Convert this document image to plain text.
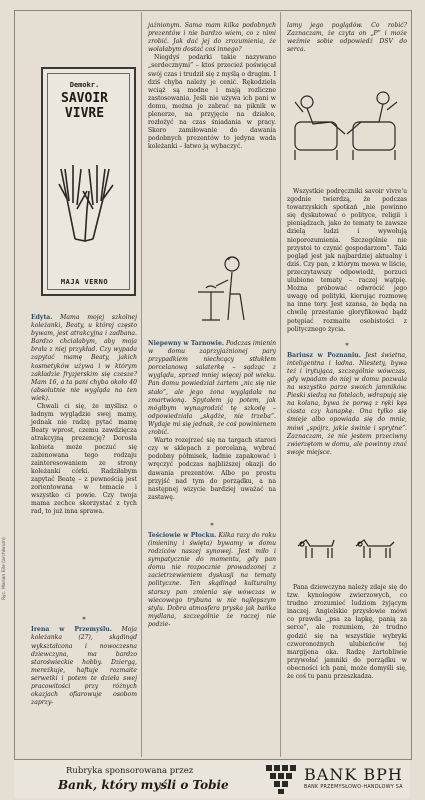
Demokr.
SAVOIR
VIVRE
MAJA VERNO

Edyta. Mama mojej szkolnej koleżanki, Beaty, u której często bywam, jest atrakcyjna i zadbana. Bardzo chciałabym, aby moja brała z niej przykład. Czy wypada zapytać mamę Beaty, jakich kosmetyków używa i w którym zakładzie fryzjerskim się czesze? Mam 16, a ta pani chyba około 40 (absolutnie nie wygląda na ten wiek).

Chwali ci się, że myślisz o ładnym wyglądzie swej mamy, jednak nie radzę pytać mamę Beaty wprost, czemu zawdzięcza atrakcyjną prezencję? Dorosła kobieta może poczuć się zażenowana tego rodzaju zainteresowaniem ze strony koleżanki córki. Radziłabym zapytać Beatę – z pewnością jest zorientowana w temacie i wszystko ci powie. Czy twoja mama zechce skorzystać z tych rad, to już inna sprawa.

*

Irena w Przemyślu. Moja koleżanka (27), skądinąd wykształcona i nowoczesna dziewczyna, ma bardzo staroświeckie hobby. Dziergą, mereżkuje, haftuje rozmaite serwetki i potem te dzieła swej pracowitości przy różnych okazjach ofiarowuje osobom zaprzy-

jaźnionym. Sama mam kilka podobnych prezentów i nie bardzo wiem, co z nimi zrobić. Jak dać jej do zrozumienia, że wolałabym dostać coś innego?

Niegdyś podarki takie nazywano „serdecznymi” – ktoś przecież poświęcał swój czas i trudził się z myślą o drugim. I dziś chyba należy je cenić. Rękodzieła wciąż są modne i mają rozliczne zastosowania. Jeśli nie używa ich pani w domu, można je zabrać na piknik w plenerze, na przyjęcie na działce, rozłożyć na czas śniadania w pracy. Skoro zamiłowanie do dawania podobnych prezentów to jedyna wada koleżanki – łatwo ją wybaczyć.

Niepewny w Tarnowie. Podczas imienin w domu zaprzyjaźnionej pary przypadkiem niechcący stłukłem porcelanową salaterkę – sądząc z wyglądu, sprzed mniej więcej pół wieku. Pan domu powiedział żartem „nic się nie stało”, ale jego żona wyglądała na zmartwioną. Spytałem ją potem, jak mógłbym wynagrodzić tę szkodę – odpowiedziała „skądże, nie trzeba”. Wydaje mi się jednak, że coś powinienem zrobić.

Warto rozejrzeć się na targach staroci czy w sklepach z porcelaną, wybrać podobny półmisek, ładnie zapakować i wręczyć podczas najbliższej okazji do dawania prezentów. Albo po prostu przyjść nad tym do porządku, a na następnej wizycie bardziej uważać na zastawę.

*

Teściowie w Płocku. Kilka razy do roku (imieniny i święta) bywamy w domu rodziców naszej synowej. Jest miło i sympatycznie do momentu, gdy pan domu nie rozpocznie prowadzonej z zacietrzewieniem dyskusji na tematy polityczne. Ten skądinąd kulturalny starszy pan zmienia się wówczas w wiecowego trybuna w nie najlepszym stylu. Dobra atmosfera pryska jak bańka mydlana, szczególnie że raczej nie podzie-

lamy jego poglądów. Co robić? Zaznaczam, że czyta on „P” i może weźmie sobie odpowiedź DSV do serca.

Wszystkie podręczniki savoir vivre'u zgodnie twierdzą, że podczas towarzyskich spotkań „nie powinno się dyskutować o polityce, religii i pieniądzach, jako że tematy te zawsze dzielą ludzi i wywołują nieporozumienia. Szczególnie nie przystoi to czynić gospodarzom”. Taki pogląd jest jak najbardziej aktualny i dziś. Czy pan, z którym mowa w liście, przeczytawszy odpowiedź, porzuci ulubione tematy – raczej wątpię. Można próbować odwrócić jego uwagę od polityki, kierując rozmowę na inne tory. Jest szansa, że będą na chwilę przestanie gloryfikować bądź potępiać rozmaite osobistości z politycznego życia.

*

Bariusz w Poznaniu. Jest świetna, inteligentna i ładna. Niestety, bywa też i irytująca, szczególnie wówczas, gdy wpadam do niej w domu pozwala na wszystko parze swoich jamników. Pieski siedzą na fotelach, wdrapują się na kolana, bywa że porwą z ręki kęs ciasta czy kanapkę. Ona tylko się śmieje albo opowiada się do mnie, mówi „spójrz, jakie świnie i sprytne”. Zaznaczam, że nie jestem przeciwny zwierzętom w domu, ale powinny znać swoje miejsce.

Pana dziewczyna należy zdaje się do tzw. kynologów zwierzowych, co trudno zrozumieć ludziom żyjącym inaczej. Angielskie przysłowie mówi co prawda „psa za łapkę, panią za serce”, ale rozumiem, że trudno godzić się na wszystkie wybryki czworonożnych ulubieńców tej margijena oka. Radzę żartobliwie przywołać jamniki do porządku w obecności ich pani, może domyśli się, że coś tu panu przeszkadza.

Ryc. Marian Eile (archiwum)
Rubryka sponsorowana przez
Bank, który myśli o Tobie
BANK BPH
BANK PRZEMYSŁOWO-HANDLOWY SA
